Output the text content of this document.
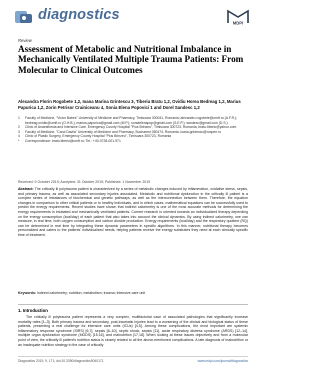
diagnostics	MDPI
Review
Assessment of Metabolic and Nutritional Imbalance in Mechanically Ventilated Multiple Trauma Patients: From Molecular to Clinical Outcomes
Alexandra Florin Rogobete 1,2, Ioana Marina Grintescu 3, Tiberiu Bratu 1,2, Ovidiu Horea Bedreag 1,2, Marius Papurica 1,2, Zorin Petrisor Crainiceanu 4, Sonia Elena Popovici 1 and Dorel Sandesc 1,2
1	Faculty of Medicine, "Victor Babes" University of Medicine and Pharmacy, Timisoara 300041, Romania; alexandru.rogobete@umft.ro (A.F.R.); bedreag.ovidiu@umft.ro (O.H.B.); marius.papurica@gmail.com (M.P.); soniaelenapop@gmail.com (S.E.P.); sandesc@gmail.com (D.S.)
2	Clinic of Anaesthesia and Intensive Care, Emergency County Hospital "Pius Brinzeu", Timisoara 300723, Romania; bratu.tiberiu@yahoo.com
3	Faculty of Medicine, "Carol Davila" University of Medicine and Pharmacy, Bucharest 050474, Romania; ioana.grintescu@rospen.ro
4	Clinic of Plastic Surgery, Emergency County Hospital "Pius Brinzeu", Timisoara 300723, Romania
*	Correspondence: bratu.tiberiu@umft.ro; Tel.: +40-0728-001-971
Received: 9 October 2019; Accepted: 31 October 2019; Published: 1 November 2019
Abstract: The critically ill polytrauma patient is characterized by a series of metabolic changes induced by inflammation, oxidative stress, sepsis, and primary trauma, as well as associated secondary injuries associated. Metabolic and nutritional dysfunction in the critically ill patient is a complex series of imbalances of biochemical and genetic pathways, as well as the interconnection between them. Therefore, the equation changes in comparison to other critical patients or to healthy individuals, and in which cases, mathematical equations can be successfully used to predict the energy requirements. Recent studies have shown that indirect calorimetry is one of the most accurate methods for determining the energy requirements in intubated and mechanically ventilated patients. Current research is oriented towards an individualized therapy depending on the energy consumption (kcal/day) of each patient that also takes into account the clinical dynamics. By using indirect calorimetry, one can measure, in real time, both oxygen consumption and carbon dioxide production. Energy requirements (kcal/day) and the respiratory quotient (RQ) can be determined in real time by integrating these dynamic parameters in specific algorithms. In this manner, nutritional therapy becomes personalized and caters to the patients' individualized needs, helping patients receive the energy substrates they need at each clinically specific time of treatment.
Keywords: indirect calorimetry; nutrition; metabolism; trauma; intensive care unit
1. Introduction
The critically ill polytrauma patient represents a very complex, multifactorial case of associated pathologies that significantly increase mortality rates [1–3]. Both primary trauma and secondary, post-traumatic injuries lead to a worsening of the clinical and biological status of these patients, presenting a real challenge for intensive care units (ICUs) [4,5]. Among these complications, the most important are systemic inflammatory response syndrome (SIRS) [6,7], sepsis [8–10], septic shock, sepsis [11], acute respiratory distress syndrome (ARDS) [12–14], multiple organ dysfunction syndrome (MODS) [15,16], and malnutrition [17,18]. When looking at these issues objectively and from a molecular point of view, the critically ill patient's nutrition status is closely related to all the above-mentioned complications. A late diagnosis of malnutrition or an inadequate nutrition strategy in the case of critically
Diagnostics 2019, 9, 171; doi:10.3390/diagnostics9040171	www.mdpi.com/journal/diagnostics
